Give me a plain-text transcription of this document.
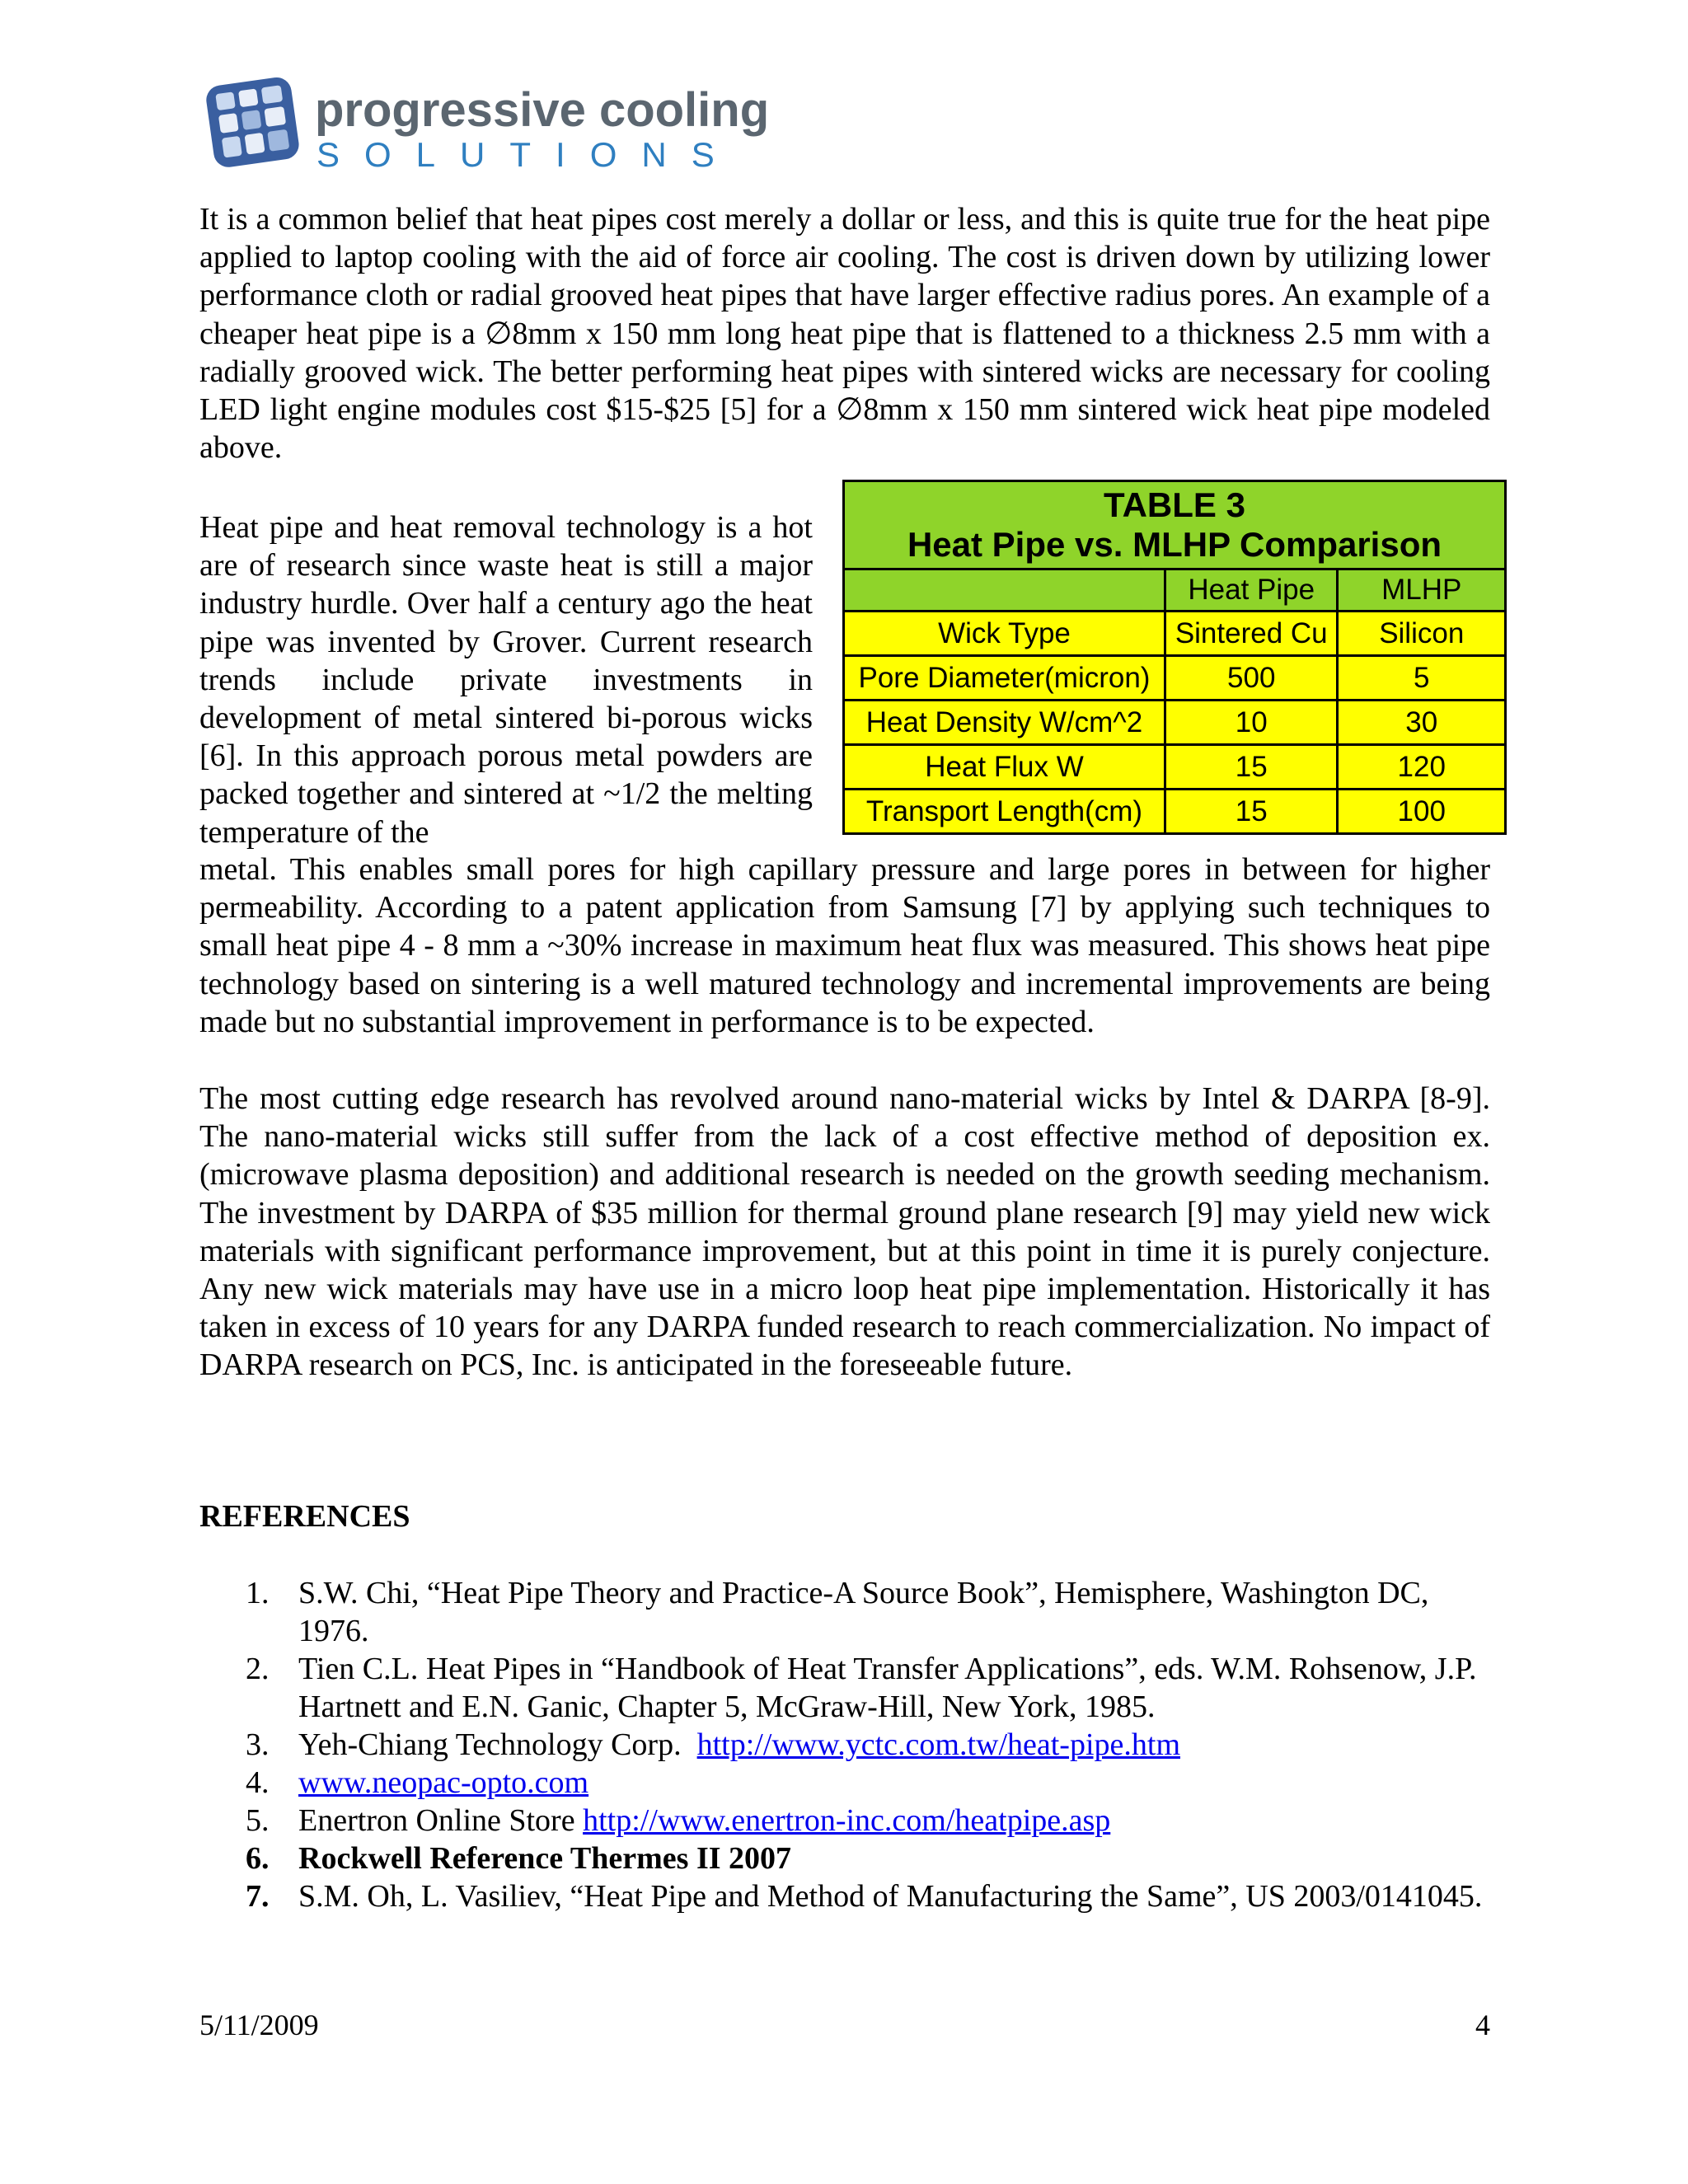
progressive cooling
SOLUTIONS
It is a common belief that heat pipes cost merely a dollar or less, and this is quite true for the heat pipe applied to laptop cooling with the aid of force air cooling. The cost is driven down by utilizing lower performance cloth or radial grooved heat pipes that have larger effective radius pores. An example of a cheaper heat pipe is a ∅8mm x 150 mm long heat pipe that is flattened to a thickness 2.5 mm with a radially grooved wick. The better performing heat pipes with sintered wicks are necessary for cooling LED light engine modules cost $15-$25 [5] for a ∅8mm x 150 mm sintered wick heat pipe modeled above.
Heat pipe and heat removal technology is a hot are of research since waste heat is still a major industry hurdle. Over half a century ago the heat pipe was invented by Grover. Current research trends include private investments in development of metal sintered bi-porous wicks [6]. In this approach porous metal powders are packed together and sintered at ~1/2 the melting temperature of the
TABLE 3
Heat Pipe vs. MLHP Comparison		

	Heat Pipe	MLHP
Wick Type	Sintered Cu	Silicon
Pore Diameter(micron)	500	5
Heat Density W/cm^2	10	30
Heat Flux W	15	120
Transport Length(cm)	15	100
metal. This enables small pores for high capillary pressure and large pores in between for higher permeability. According to a patent application from Samsung [7] by applying such techniques to small heat pipe 4 - 8 mm a ~30% increase in maximum heat flux was measured. This shows heat pipe technology based on sintering is a well matured technology and incremental improvements are being made but no substantial improvement in performance is to be expected.
The most cutting edge research has revolved around nano-material wicks by Intel & DARPA [8-9]. The nano-material wicks still suffer from the lack of a cost effective method of deposition ex. (microwave plasma deposition) and additional research is needed on the growth seeding mechanism. The investment by DARPA of $35 million for thermal ground plane research [9] may yield new wick materials with significant performance improvement, but at this point in time it is purely conjecture. Any new wick materials may have use in a micro loop heat pipe implementation. Historically it has taken in excess of 10 years for any DARPA funded research to reach commercialization. No impact of DARPA research on PCS, Inc. is anticipated in the foreseeable future.
REFERENCES
1. S.W. Chi, “Heat Pipe Theory and Practice-A Source Book”, Hemisphere, Washington DC, 1976.
2. Tien C.L. Heat Pipes in “Handbook of Heat Transfer Applications”, eds. W.M. Rohsenow, J.P. Hartnett and E.N. Ganic, Chapter 5, McGraw-Hill, New York, 1985.
3. Yeh-Chiang Technology Corp.  http://www.yctc.com.tw/heat-pipe.htm
4. www.neopac-opto.com
5. Enertron Online Store http://www.enertron-inc.com/heatpipe.asp
6. Rockwell Reference Thermes II 2007
7. S.M. Oh, L. Vasiliev, “Heat Pipe and Method of Manufacturing the Same”, US 2003/0141045.
5/11/2009	4
